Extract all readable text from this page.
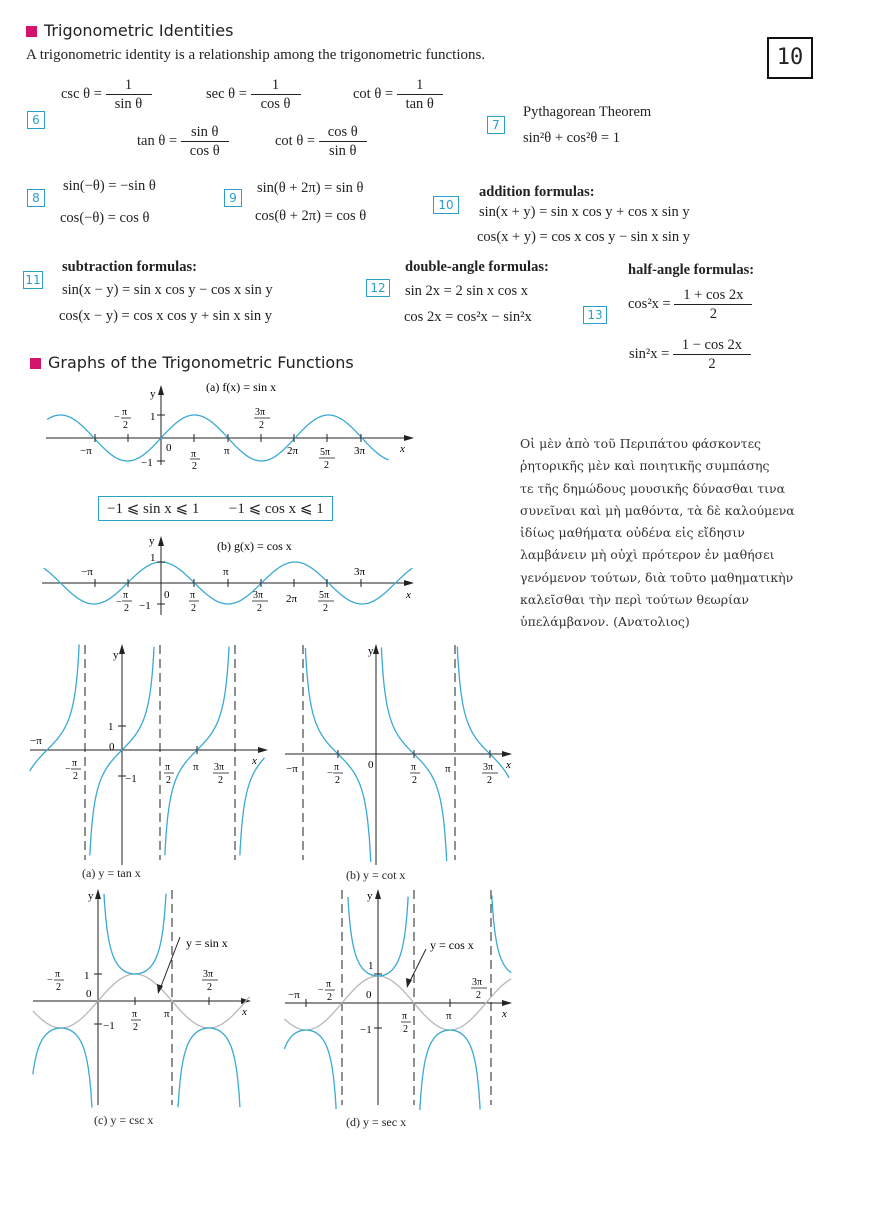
10
Trigonometric Identities
A trigonometric identity is a relationship among the trigonometric functions.
6
$\csc \theta = \frac{1}{\text{sin θ}}$	$\sec \theta = \frac{1}{\text{cos θ}}$	$\cot \theta = \frac{1}{\text{tan θ}}$
$\tan \theta = \frac{\text{sin θ}}{\text{cos θ}}$	$\cot \theta = \frac{\text{cos θ}}{\text{sin θ}}$	7
Pythagorean Theorem
sin²θ + cos²θ = 1
8
sin(−θ) = −sin θ
cos(−θ) = cos θ
9
sin(θ + 2π) = sin θ
cos(θ + 2π) = cos θ
10
addition formulas:
sin(x + y) = sin x cos y + cos x sin y
cos(x + y) = cos x cos y − sin x sin y
11
subtraction formulas:
sin(x − y) = sin x cos y − cos x sin y
cos(x − y) = cos x cos y + sin x sin y
12
double-angle formulas:
sin 2x = 2 sin x cos x
cos 2x = cos²x − sin²x	13
half-angle formulas:
$\cos^2x = \frac{1 + \cos 2x}{2}$
$\sin^2x = \frac{1 - \cos 2x}{2}$
Graphs of the Trigonometric Functions
−1 ⩽ sin x ⩽ 1 −1 ⩽ cos x ⩽ 1
Οἱ μὲν ἀπὸ τοῦ Περιπάτου φάσκοντες
ῥητορικῆς μὲν καὶ ποιητικῆς συμπάσης
τε τῆς δημώδους μουσικῆς δύνασθαι τινα
συνεῖναι καὶ μὴ μαθόντα, τὰ δὲ καλούμενα
ἰδίως μαθήματα οὐδένα εἰς εἴδησιν
λαμβάνειν μὴ οὐχὶ πρότερον ἐν μαθήσει
γενόμενον τούτων, διὰ τοῦτο μαθηματικὴν
καλεῖσθαι τὴν περὶ τούτων θεωρίαν
ὑπελάμβανον. (Ανατολιος)
(a) f(x) = sin x
y
x
1
−1
0
−π	π	2π	3π
− π
2
π
2
3π
2
5π
2
(b) g(x) = cos x
y
x
1
−1
0
−π	π
2π
3π
−
π
2
π
2
3π
2
5π
2
y
x
1
0
−1
−π
π
−
π
2
π
2
3π
2
(a) y = tan x
y
x
0
−π	π
−
π
2
π
2
3π
2
(b) y = cot x
y = sin x
y
x
1
0
−1
π
−
π
2
π
2
3π
2
(c) y = csc x
y = cos x
y
x
1
0
−1
−π
π
−
π
2
π
2
3π
2
(d) y = sec x
